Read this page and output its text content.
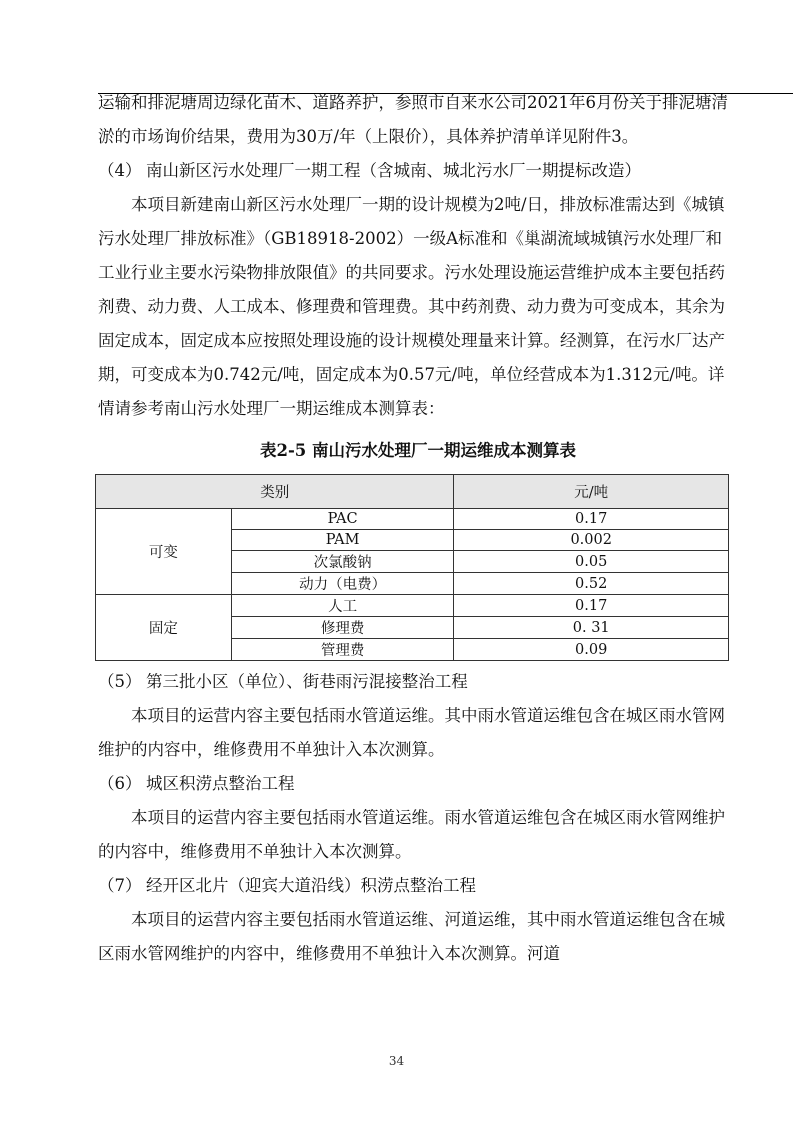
运输和排泥塘周边绿化苗木、道路养护，参照市自来水公司2021年6月份关于排泥塘清淤的市场询价结果，费用为30万/年（上限价），具体养护清单详见附件3。

（4） 南山新区污水处理厂一期工程（含城南、城北污水厂一期提标改造）

本项目新建南山新区污水处理厂一期的设计规模为2吨/日，排放标准需达到《城镇污水处理厂排放标准》（GB18918-2002）一级A标准和《巢湖流域城镇污水处理厂和工业行业主要水污染物排放限值》的共同要求。污水处理设施运营维护成本主要包括药剂费、动力费、人工成本、修理费和管理费。其中药剂费、动力费为可变成本，其余为固定成本，固定成本应按照处理设施的设计规模处理量来计算。经测算，在污水厂达产期，可变成本为0.742元/吨，固定成本为0.57元/吨，单位经营成本为1.312元/吨。详情请参考南山污水处理厂一期运维成本测算表：

表2-5 南山污水处理厂一期运维成本测算表
类别		元/吨
可变	PAC	0.17
	PAM	0.002
	次氯酸钠	0.05
	动力（电费）	0.52
固定	人工	0.17
	修理费	0. 31
	管理费	0.09

（5） 第三批小区（单位）、街巷雨污混接整治工程

本项目的运营内容主要包括雨水管道运维。其中雨水管道运维包含在城区雨水管网维护的内容中，维修费用不单独计入本次测算。

（6） 城区积涝点整治工程

本项目的运营内容主要包括雨水管道运维。雨水管道运维包含在城区雨水管网维护的内容中，维修费用不单独计入本次测算。

（7） 经开区北片（迎宾大道沿线）积涝点整治工程

本项目的运营内容主要包括雨水管道运维、河道运维，其中雨水管道运维包含在城区雨水管网维护的内容中，维修费用不单独计入本次测算。河道

34
